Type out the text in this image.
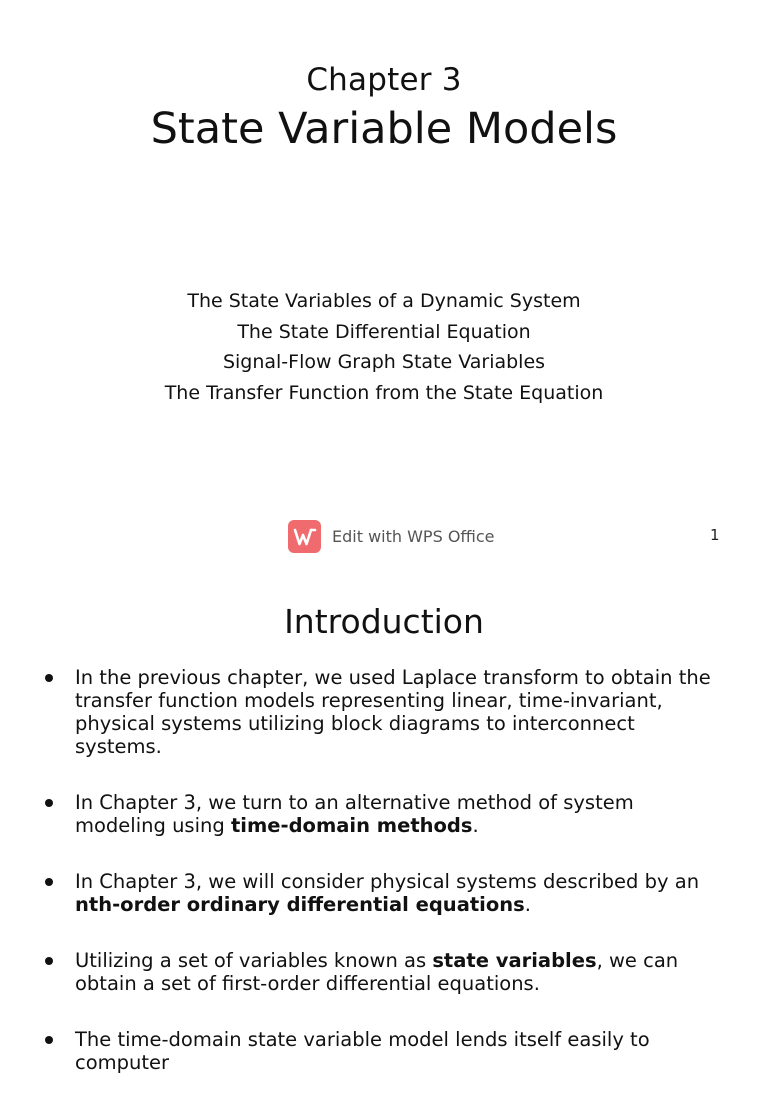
Chapter 3
State Variable Models
The State Variables of a Dynamic System
The State Differential Equation
Signal-Flow Graph State Variables
The Transfer Function from the State Equation
Edit with WPS Office	1
Introduction
In the previous chapter, we used Laplace transform to obtain the transfer function models representing linear, time-invariant, physical systems utilizing block diagrams to interconnect systems.
In Chapter 3, we turn to an alternative method of system modeling using time-domain methods.
In Chapter 3, we will consider physical systems described by an nth-order ordinary differential equations.
Utilizing a set of variables known as state variables, we can obtain a set of first-order differential equations.
The time-domain state variable model lends itself easily to computer
